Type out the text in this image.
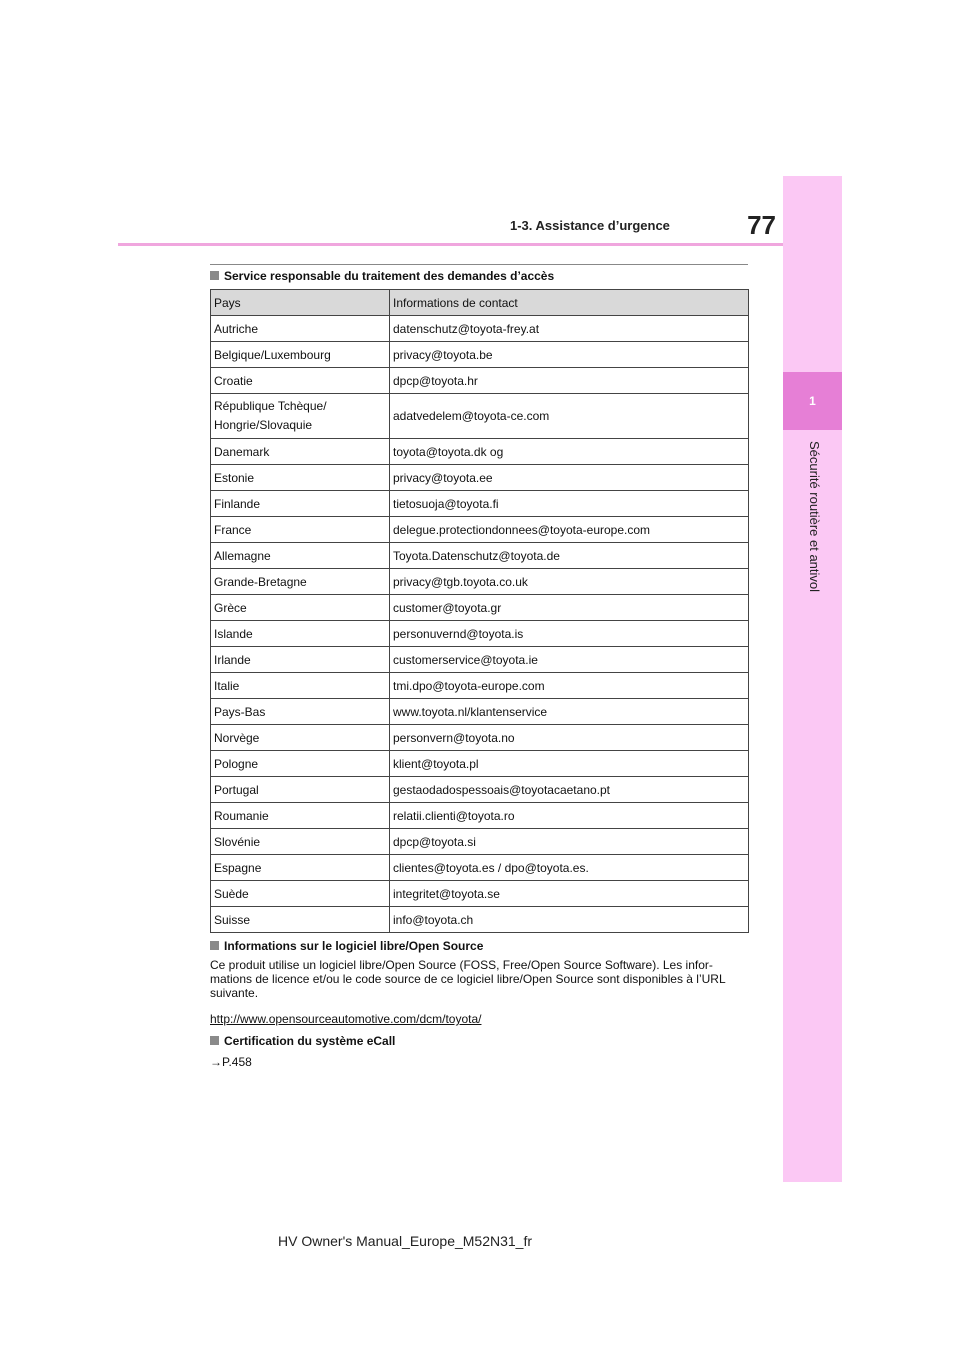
77
1-3. Assistance d’urgence
1
Sécurité routière et antivol
Service responsable du traitement des demandes d’accès
Pays	Informations de contact
Autriche	datenschutz@toyota-frey.at
Belgique/Luxembourg	privacy@toyota.be
Croatie	dpcp@toyota.hr

République Tchèque/
Hongrie/Slovaquie	adatvedelem@toyota-ce.com
Danemark	toyota@toyota.dk og
Estonie	privacy@toyota.ee
Finlande	tietosuoja@toyota.fi
France	delegue.protectiondonnees@toyota-europe.com
Allemagne	Toyota.Datenschutz@toyota.de
Grande-Bretagne	privacy@tgb.toyota.co.uk
Grèce	customer@toyota.gr
Islande	personuvernd@toyota.is
Irlande	customerservice@toyota.ie
Italie	tmi.dpo@toyota-europe.com
Pays-Bas	www.toyota.nl/klantenservice
Norvège	personvern@toyota.no
Pologne	klient@toyota.pl
Portugal	gestaodadospessoais@toyotacaetano.pt
Roumanie	relatii.clienti@toyota.ro
Slovénie	dpcp@toyota.si
Espagne	clientes@toyota.es / dpo@toyota.es.
Suède	integritet@toyota.se
Suisse	info@toyota.ch
Informations sur le logiciel libre/Open Source
Ce produit utilise un logiciel libre/Open Source (FOSS, Free/Open Source Software). Les infor-mations de licence et/ou le code source de ce logiciel libre/Open Source sont disponibles à l’URL suivante.
http://www.opensourceautomotive.com/dcm/toyota/
Certification du système eCall
→P.458
HV Owner's Manual_Europe_M52N31_fr
